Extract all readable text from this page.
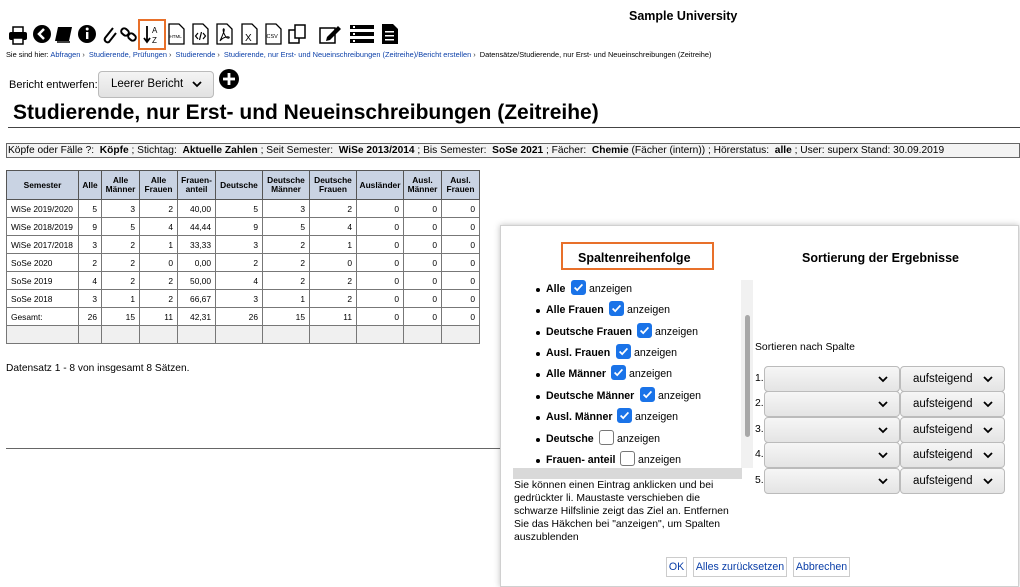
Sample University
A
Z	HTML	X	CSV
Sie sind hier: Abfragen › Studierende, Prüfungen › Studierende › Studierende, nur Erst- und Neueinschreibungen (Zeitreihe)/Bericht erstellen › Datensätze/Studierende, nur Erst- und Neueinschreibungen (Zeitreihe)
Bericht entwerfen:	Leerer Bericht
Studierende, nur Erst- und Neueinschreibungen (Zeitreihe)
Köpfe oder Fälle ?: Köpfe ; Stichtag: Aktuelle Zahlen ; Seit Semester: WiSe 2013/2014 ; Bis Semester: SoSe 2021 ; Fächer: Chemie (Fächer (intern)) ; Hörerstatus: alle ; User: superx Stand: 30.09.2019
Semester	Alle	Alle Männer	Alle Frauen	Frauen- anteil	Deutsche	Deutsche Männer	Deutsche Frauen	Ausländer	Ausl. Männer	Ausl. Frauen
WiSe 2019/2020	5	3	2	40,00	5	3	2	0	0	0
WiSe 2018/2019	9	5	4	44,44	9	5	4	0	0	0
WiSe 2017/2018	3	2	1	33,33	3	2	1	0	0	0
SoSe 2020	2	2	0	0,00	2	2	0	0	0	0
SoSe 2019	4	2	2	50,00	4	2	2	0	0	0
SoSe 2018	3	1	2	66,67	3	1	2	0	0	0
Gesamt:	26	15	11	42,31	26	15	11	0	0	0

Datensatz 1 - 8 von insgesamt 8 Sätzen.
Spaltenreihenfolge	Sortierung der Ergebnisse
Alle anzeigen
Alle Frauen anzeigen
Deutsche Frauen anzeigen
Ausl. Frauen anzeigen
Alle Männer anzeigen
Deutsche Männer anzeigen
Ausl. Männer anzeigen
Deutsche anzeigen
Frauen- anteil anzeigen
Sie können einen Eintrag anklicken und bei gedrückter li. Maustaste verschieben die schwarze Hilfslinie zeigt das Ziel an. Entfernen Sie das Häkchen bei "anzeigen", um Spalten auszublenden
Sortieren nach Spalte
1.	aufsteigend
2.	aufsteigend
3.	aufsteigend
4.	aufsteigend
5.	aufsteigend
OK Alles zurücksetzen Abbrechen
